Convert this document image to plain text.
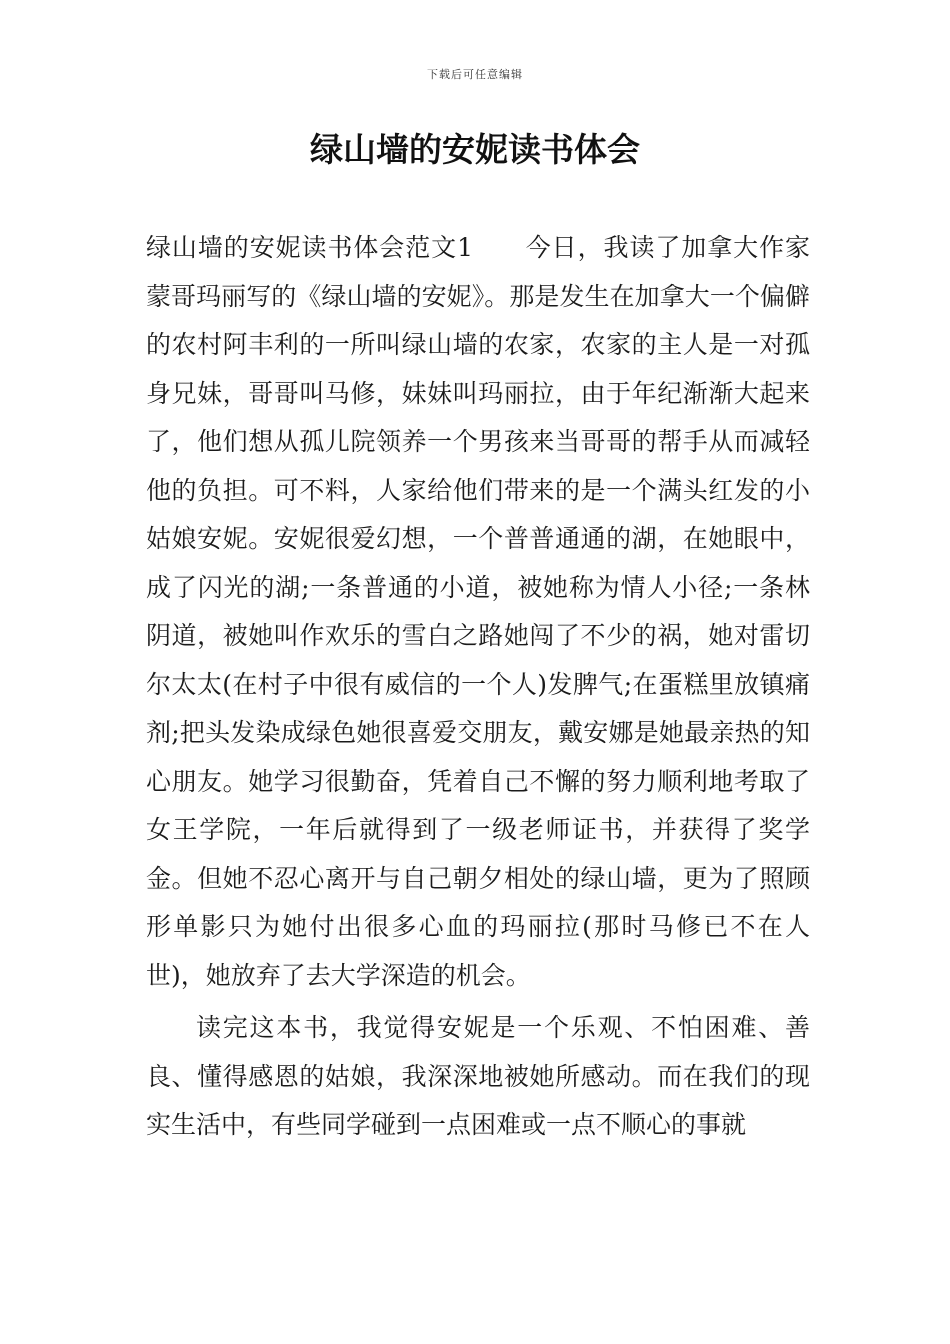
下载后可任意编辑
绿山墙的安妮读书体会

绿山墙的安妮读书体会范文1　　今日，我读了加拿大作家蒙哥玛丽写的《绿山墙的安妮》。那是发生在加拿大一个偏僻的农村阿丰利的一所叫绿山墙的农家，农家的主人是一对孤身兄妹，哥哥叫马修，妹妹叫玛丽拉，由于年纪渐渐大起来了，他们想从孤儿院领养一个男孩来当哥哥的帮手从而减轻他的负担。可不料，人家给他们带来的是一个满头红发的小姑娘安妮。安妮很爱幻想，一个普普通通的湖，在她眼中，成了闪光的湖;一条普通的小道，被她称为情人小径;一条林阴道，被她叫作欢乐的雪白之路她闯了不少的祸，她对雷切尔太太(在村子中很有威信的一个人)发脾气;在蛋糕里放镇痛剂;把头发染成绿色她很喜爱交朋友，戴安娜是她最亲热的知心朋友。她学习很勤奋，凭着自己不懈的努力顺利地考取了女王学院，一年后就得到了一级老师证书，并获得了奖学金。但她不忍心离开与自己朝夕相处的绿山墙，更为了照顾形单影只为她付出很多心血的玛丽拉(那时马修已不在人世)，她放弃了去大学深造的机会。

读完这本书，我觉得安妮是一个乐观、不怕困难、善良、懂得感恩的姑娘，我深深地被她所感动。而在我们的现实生活中，有些同学碰到一点困难或一点不顺心的事就
